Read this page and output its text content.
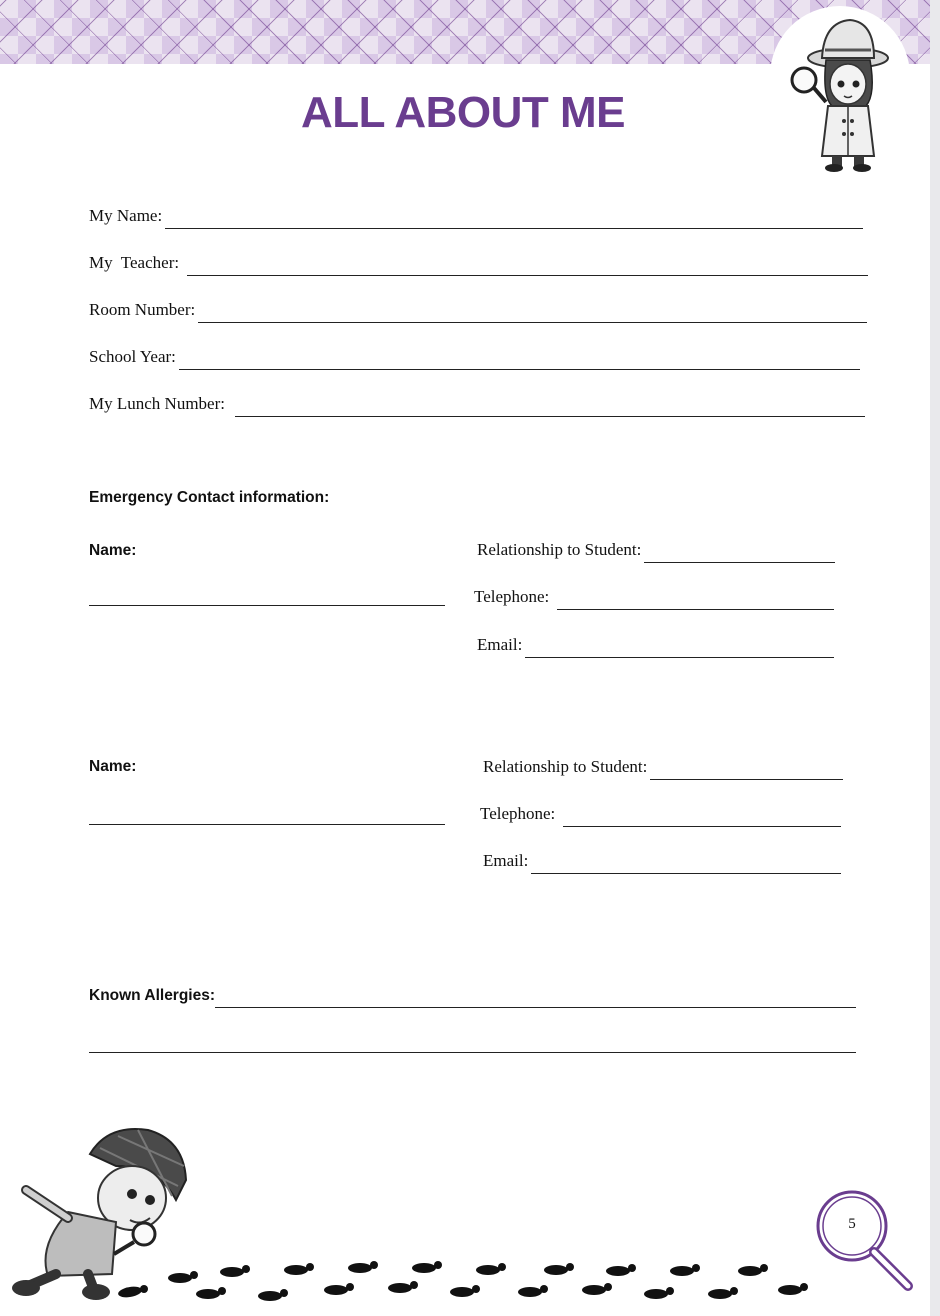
ALL ABOUT ME
My Name:
My  Teacher:
Room Number:
School Year:
My Lunch Number:
Emergency Contact information:
Name:	Relationship to Student:
Telephone:
Email:
Name:	Relationship to Student:
Telephone:
Email:
Known Allergies:
5
